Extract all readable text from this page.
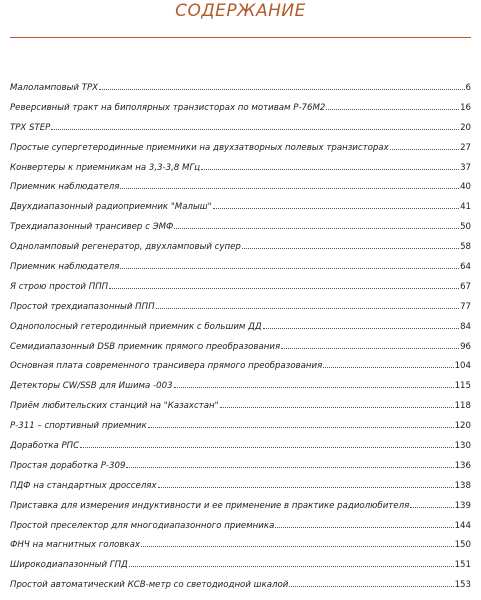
СОДЕРЖАНИЕ
Малоламповый ТРХ	6
Реверсивный тракт на биполярных транзисторах по мотивам Р-76М2	16
TPX STEP	20
Простые супергетеродинные приемники на двухзатворных полевых транзисторах	27
Конвертеры к приемникам на 3,3-3,8 МГц	37
Приемник наблюдателя	40
Двухдиапазонный радиоприемник "Малыш"	41
Трехдиапазонный трансивер с ЭМФ	50
Одноламповый регенератор, двухламповый супер	58
Приемник наблюдателя	64
Я строю простой ППП	67
Простой трехдиапазонный ППП	77
Однополосный гетеродинный приемник с большим ДД	84
Семидиапазонный DSB приемник прямого преобразования	96
Основная плата современного трансивера прямого преобразования	104
Детекторы CW/SSB для Ишима -003	115
Приём любительских станций на "Казахстан"	118
Р-311 – спортивный приемник	120
Доработка РПС	130
Простая доработка Р-309	136
ПДФ на стандартных дросселях	138
Приставка для измерения индуктивности и ее применение в практике радиолюбителя	139
Простой преселектор для многодиапазонного приемника	144
ФНЧ на магнитных головках	150
Широкодиапазонный ГПД	151
Простой автоматический КСВ-метр со светодиодной шкалой	153
